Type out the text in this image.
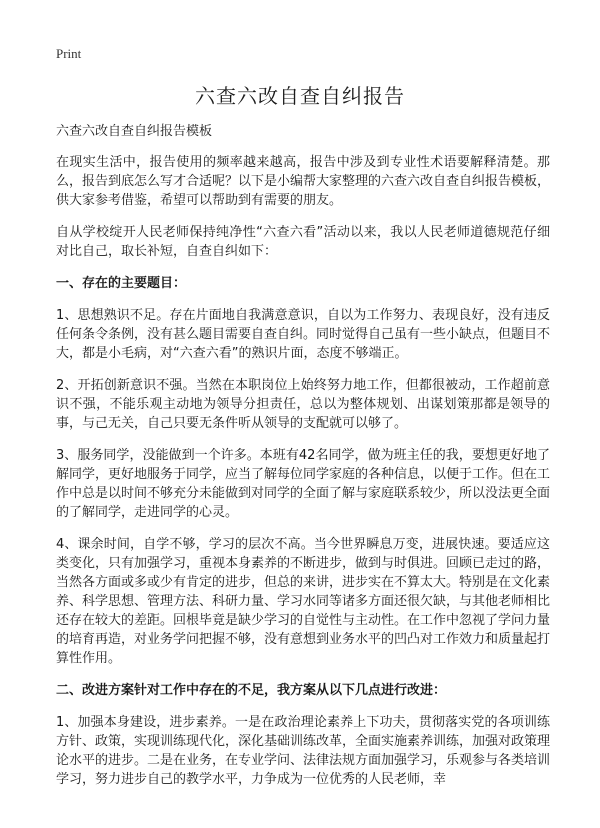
Print
六查六改自查自纠报告

六查六改自查自纠报告模板

在现实生活中，报告使用的频率越来越高，报告中涉及到专业性术语要解释清楚。那么，报告到底怎么写才合适呢？以下是小编帮大家整理的六查六改自查自纠报告模板，供大家参考借鉴，希望可以帮助到有需要的朋友。

自从学校绽开人民老师保持纯净性“六查六看”活动以来，我以人民老师道德规范仔细对比自己，取长补短，自查自纠如下：

一、存在的主要题目：

1、思想熟识不足。存在片面地自我满意意识，自以为工作努力、表现良好，没有违反任何条令条例，没有甚么题目需要自查自纠。同时觉得自己虽有一些小缺点，但题目不大，都是小毛病，对“六查六看”的熟识片面，态度不够端正。

2、开拓创新意识不强。当然在本职岗位上始终努力地工作，但都很被动，工作超前意识不强，不能乐观主动地为领导分担责任，总以为整体规划、出谋划策那都是领导的事，与己无关，自己只要无条件听从领导的支配就可以够了。

3、服务同学，没能做到一个许多。本班有42名同学，做为班主任的我，要想更好地了解同学，更好地服务于同学，应当了解每位同学家庭的各种信息，以便于工作。但在工作中总是以时间不够充分未能做到对同学的全面了解与家庭联系较少，所以没法更全面的了解同学，走进同学的心灵。

4、课余时间，自学不够，学习的层次不高。当今世界瞬息万变，进展快速。要适应这类变化，只有加强学习，重视本身素养的不断进步，做到与时俱进。回顾已走过的路，当然各方面或多或少有肯定的进步，但总的来讲，进步实在不算太大。特别是在文化素养、科学思想、管理方法、科研力量、学习水同等诸多方面还很欠缺，与其他老师相比还存在较大的差距。回根毕竟是缺少学习的自觉性与主动性。在工作中忽视了学问力量的培育再造，对业务学问把握不够，没有意想到业务水平的凹凸对工作效力和质量起打算性作用。

二、改进方案针对工作中存在的不足，我方案从以下几点进行改进：

1、加强本身建设，进步素养。一是在政治理论素养上下功夫，贯彻落实党的各项训练方针、政策，实现训练现代化，深化基础训练改革，全面实施素养训练，加强对政策理论水平的进步。二是在业务，在专业学问、法律法规方面加强学习，乐观参与各类培训学习，努力进步自己的教学水平，力争成为一位优秀的人民老师，幸
